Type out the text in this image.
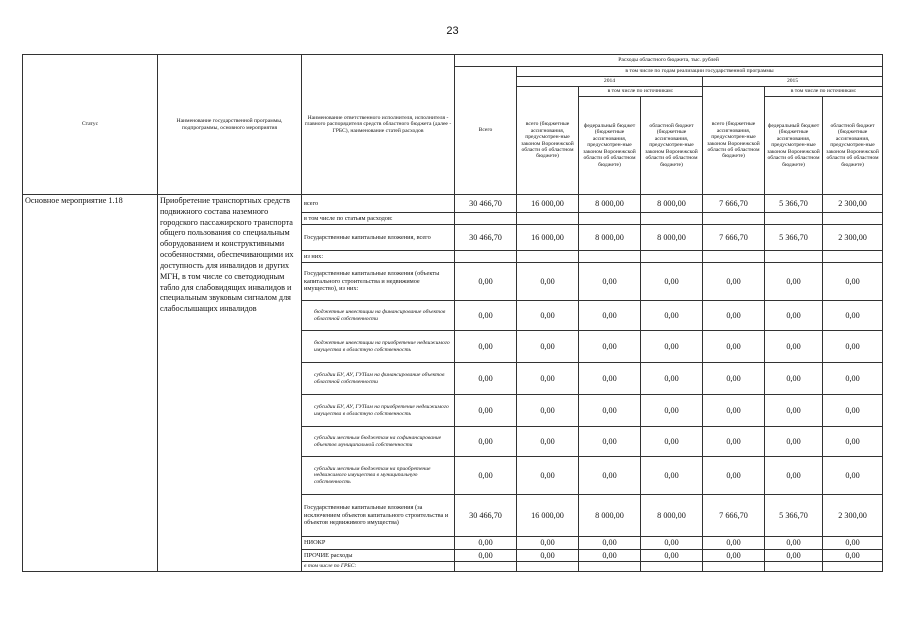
23
Статус	Наименование государственной программы, подпрограммы, основного мероприятия	Наименование ответственного исполнителя, исполнителя - главного распорядителя средств областного бюджета (далее - ГРБС), наименование статей расходов	Расходы областного бюджета, тыс. рублей						
			Всего	в том числе по годам реализации государственной программы					
				2014			2015		
				всего (бюджетные ассигнования, предусмотрен-ные законом Воронежской области об областном бюджете)	в том числе по источникам:		всего (бюджетные ассигнования, предусмотрен-ные законом Воронежской области об областном бюджете)	в том числе по источникам:	
					федеральный бюджет (бюджетные ассигнования, предусмотрен-ные законом Воронежской области об областном бюджете)	областной бюджет (бюджетные ассигнования, предусмотрен-ные законом Воронежской области об областном бюджете)		федеральный бюджет (бюджетные ассигнования, предусмотрен-ные законом Воронежской области об областном бюджете)	областной бюджет (бюджетные ассигнования, предусмотрен-ные законом Воронежской области об областном бюджете)
Основное мероприятие 1.18	Приобретение транспортных средств подвижного состава наземного городского пассажирского транспорта общего пользования со специальным оборудованием и конструктивными особенностями, обеспечивающими их доступность для инвалидов и других МГН, в том числе со светодиодным табло для слабовидящих инвалидов и специальным звуковым сигналом для слабослышащих инвалидов	всего	30 466,70	16 000,00	8 000,00	8 000,00	7 666,70	5 366,70	2 300,00
		в том числе по статьям расходов:							
		Государственные капитальные вложения, всего	30 466,70	16 000,00	8 000,00	8 000,00	7 666,70	5 366,70	2 300,00
		из них:							
		Государственные капитальные вложения (объекты капитального строительства и недвижимое имущество), из них:	0,00	0,00	0,00	0,00	0,00	0,00	0,00
		бюджетные инвестиции на финансирование объектов областной собственности	0,00	0,00	0,00	0,00	0,00	0,00	0,00
		бюджетные инвестиции на приобретение недвижимого имущества в областную собственность	0,00	0,00	0,00	0,00	0,00	0,00	0,00
		субсидии БУ, АУ, ГУПам на финансирование объектов областной собственности	0,00	0,00	0,00	0,00	0,00	0,00	0,00
		субсидии БУ, АУ, ГУПам на приобретение недвижимого имущества в областную собственность	0,00	0,00	0,00	0,00	0,00	0,00	0,00
		субсидии местным бюджетам на софинансирование объектов муниципальной собственности	0,00	0,00	0,00	0,00	0,00	0,00	0,00
		субсидии местным бюджетам на приобретение недвижимого имущества в муниципальную собственность	0,00	0,00	0,00	0,00	0,00	0,00	0,00
		Государственные капитальные вложения (за исключением объектов капитального строительства и объектов недвижимого имущества)	30 466,70	16 000,00	8 000,00	8 000,00	7 666,70	5 366,70	2 300,00
		НИОКР	0,00	0,00	0,00	0,00	0,00	0,00	0,00
		ПРОЧИЕ расходы	0,00	0,00	0,00	0,00	0,00	0,00	0,00
		в том числе по ГРБС:							
